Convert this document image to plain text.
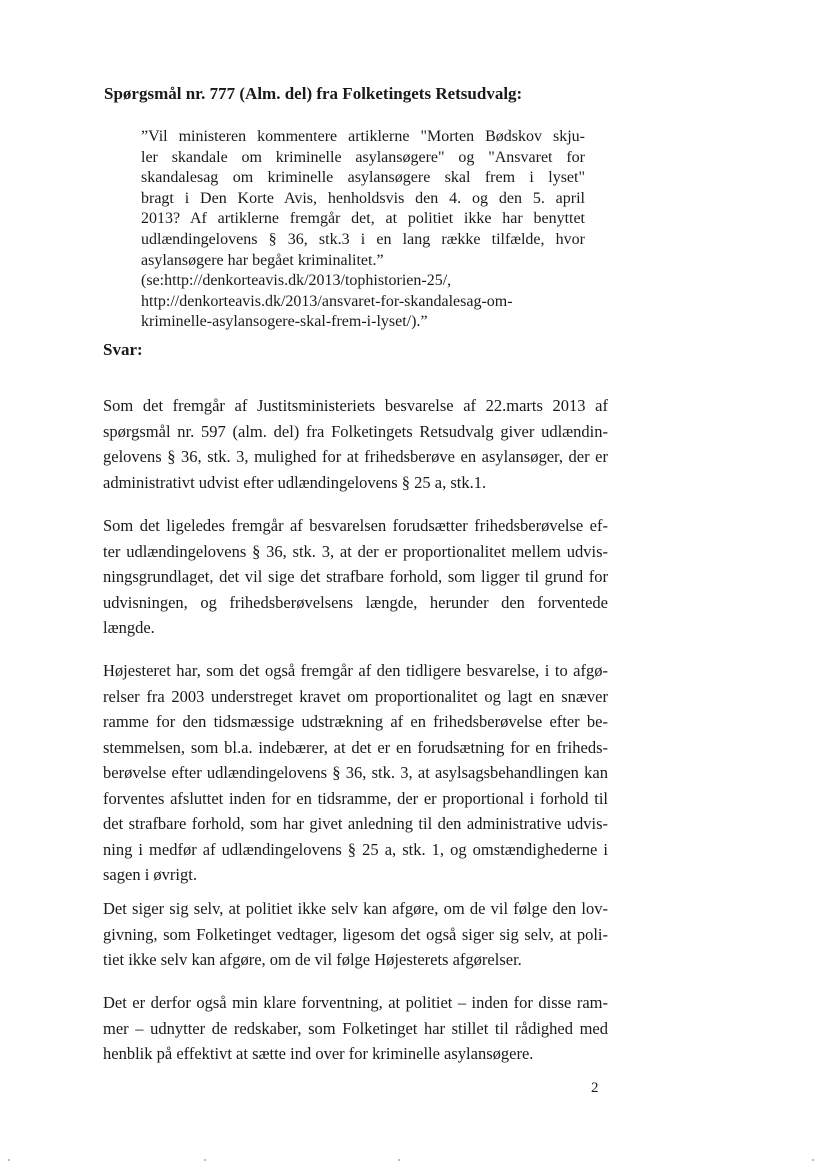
Spørgsmål nr. 777 (Alm. del) fra Folketingets Retsudvalg:

”Vil ministeren kommentere artiklerne "Morten Bødskov skju-
ler skandale om kriminelle asylansøgere" og "Ansvaret for
skandalesag om kriminelle asylansøgere skal frem i lyset"
bragt i Den Korte Avis, henholdsvis den 4. og den 5. april
2013? Af artiklerne fremgår det, at politiet ikke har benyttet
udlændingelovens § 36, stk.3 i en lang række tilfælde, hvor
asylansøgere har begået kriminalitet.”
(se:http://denkorteavis.dk/2013/tophistorien-25/,
http://denkorteavis.dk/2013/ansvaret-for-skandalesag-om-
kriminelle-asylansogere-skal-frem-i-lyset/).”

Svar:

Som det fremgår af Justitsministeriets besvarelse af 22.marts 2013 af
spørgsmål nr. 597 (alm. del) fra Folketingets Retsudvalg giver udlændin-
gelovens § 36, stk. 3, mulighed for at frihedsberøve en asylansøger, der er
administrativt udvist efter udlændingelovens § 25 a, stk.1.
Som det ligeledes fremgår af besvarelsen forudsætter frihedsberøvelse ef-
ter udlændingelovens § 36, stk. 3, at der er proportionalitet mellem udvis-
ningsgrundlaget, det vil sige det strafbare forhold, som ligger til grund for
udvisningen, og frihedsberøvelsens længde, herunder den forventede
længde.
Højesteret har, som det også fremgår af den tidligere besvarelse, i to afgø-
relser fra 2003 understreget kravet om proportionalitet og lagt en snæver
ramme for den tidsmæssige udstrækning af en frihedsberøvelse efter be-
stemmelsen, som bl.a. indebærer, at det er en forudsætning for en friheds-
berøvelse efter udlændingelovens § 36, stk. 3, at asylsagsbehandlingen kan
forventes afsluttet inden for en tidsramme, der er proportional i forhold til
det strafbare forhold, som har givet anledning til den administrative udvis-
ning i medfør af udlændingelovens § 25 a, stk. 1, og omstændighederne i
sagen i øvrigt.
Det siger sig selv, at politiet ikke selv kan afgøre, om de vil følge den lov-
givning, som Folketinget vedtager, ligesom det også siger sig selv, at poli-
tiet ikke selv kan afgøre, om de vil følge Højesterets afgørelser.
Det er derfor også min klare forventning, at politiet – inden for disse ram-
mer – udnytter de redskaber, som Folketinget har stillet til rådighed med
henblik på effektivt at sætte ind over for kriminelle asylansøgere.

2
